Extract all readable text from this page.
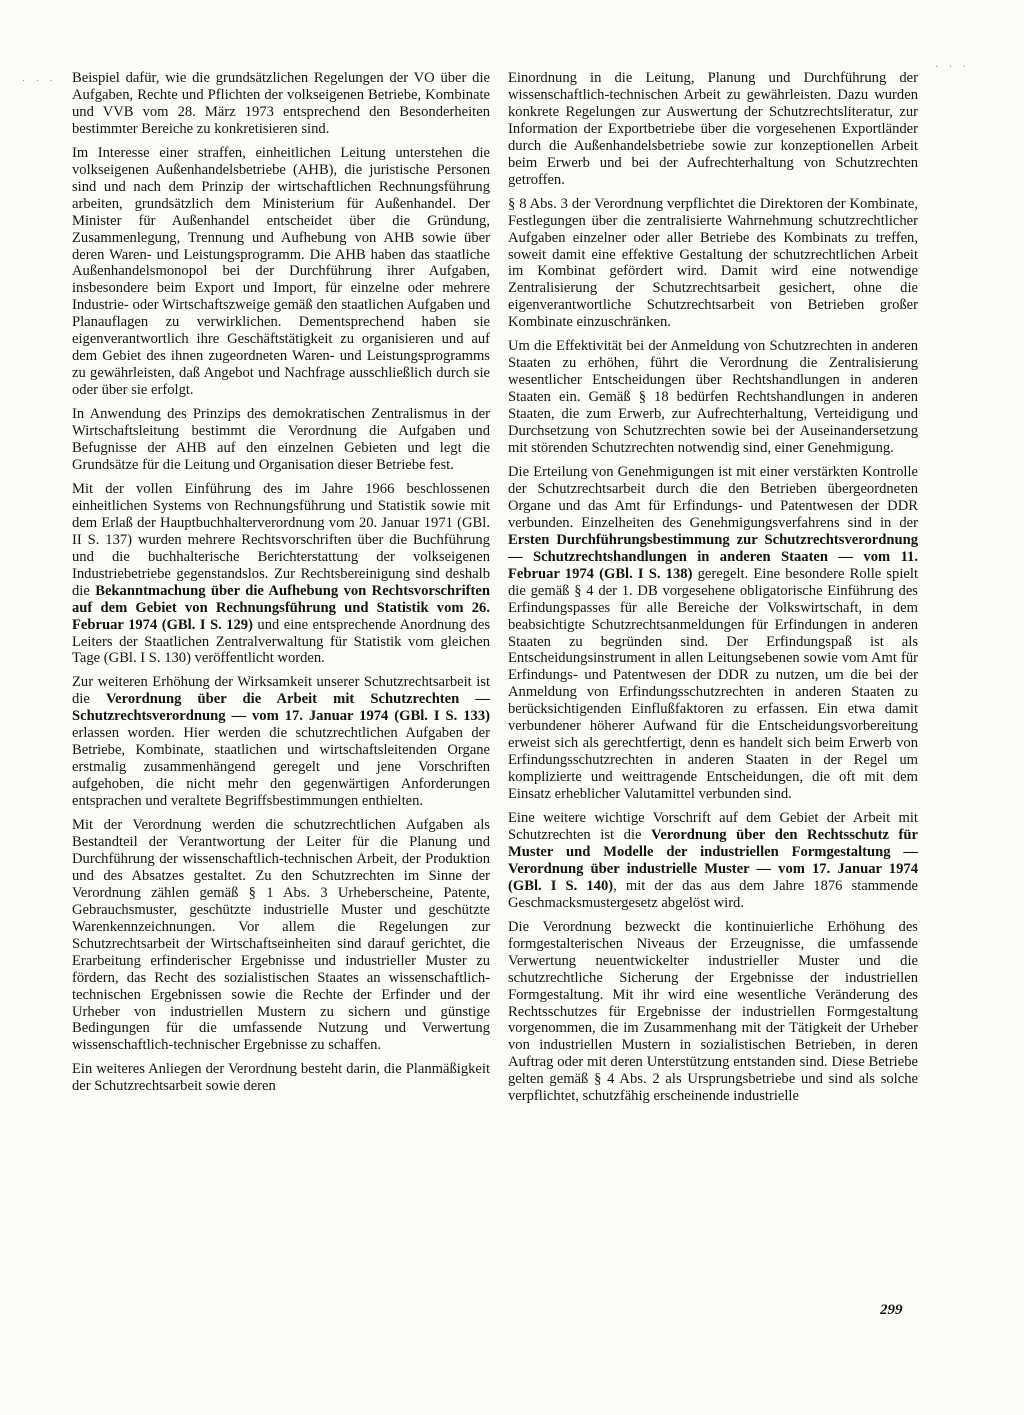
· · ·
· · ·

Beispiel dafür, wie die grundsätzlichen Regelungen der VO über die Aufgaben, Rechte und Pflichten der volkseigenen Betriebe, Kombinate und VVB vom 28. März 1973 entsprechend den Besonderheiten bestimmter Bereiche zu konkretisieren sind.

Im Interesse einer straffen, einheitlichen Leitung unterstehen die volkseigenen Außenhandelsbetriebe (AHB), die juristische Personen sind und nach dem Prinzip der wirtschaftlichen Rechnungsführung arbeiten, grundsätzlich dem Ministerium für Außenhandel. Der Minister für Außenhandel entscheidet über die Gründung, Zusammenlegung, Trennung und Aufhebung von AHB sowie über deren Waren- und Leistungsprogramm. Die AHB haben das staatliche Außenhandelsmonopol bei der Durchführung ihrer Aufgaben, insbesondere beim Export und Import, für einzelne oder mehrere Industrie- oder Wirtschaftszweige gemäß den staatlichen Aufgaben und Planauflagen zu verwirklichen. Dementsprechend haben sie eigenverantwortlich ihre Geschäftstätigkeit zu organisieren und auf dem Gebiet des ihnen zugeordneten Waren- und Leistungsprogramms zu gewährleisten, daß Angebot und Nachfrage ausschließlich durch sie oder über sie erfolgt.

In Anwendung des Prinzips des demokratischen Zentralismus in der Wirtschaftsleitung bestimmt die Verordnung die Aufgaben und Befugnisse der AHB auf den einzelnen Gebieten und legt die Grundsätze für die Leitung und Organisation dieser Betriebe fest.

Mit der vollen Einführung des im Jahre 1966 beschlossenen einheitlichen Systems von Rechnungsführung und Statistik sowie mit dem Erlaß der Hauptbuchhalterverordnung vom 20. Januar 1971 (GBl. II S. 137) wurden mehrere Rechtsvorschriften über die Buchführung und die buchhalterische Berichterstattung der volkseigenen Industriebetriebe gegenstandslos. Zur Rechtsbereinigung sind deshalb die Bekanntmachung über die Aufhebung von Rechtsvorschriften auf dem Gebiet von Rechnungsführung und Statistik vom 26. Februar 1974 (GBl. I S. 129) und eine entsprechende Anordnung des Leiters der Staatlichen Zentralverwaltung für Statistik vom gleichen Tage (GBl. I S. 130) veröffentlicht worden.

Zur weiteren Erhöhung der Wirksamkeit unserer Schutzrechtsarbeit ist die Verordnung über die Arbeit mit Schutzrechten — Schutzrechtsverordnung — vom 17. Januar 1974 (GBl. I S. 133) erlassen worden. Hier werden die schutzrechtlichen Aufgaben der Betriebe, Kombinate, staatlichen und wirtschaftsleitenden Organe erstmalig zusammenhängend geregelt und jene Vorschriften aufgehoben, die nicht mehr den gegenwärtigen Anforderungen entsprachen und veraltete Begriffsbestimmungen enthielten.

Mit der Verordnung werden die schutzrechtlichen Aufgaben als Bestandteil der Verantwortung der Leiter für die Planung und Durchführung der wissenschaftlich-technischen Arbeit, der Produktion und des Absatzes gestaltet. Zu den Schutzrechten im Sinne der Verordnung zählen gemäß § 1 Abs. 3 Urheberscheine, Patente, Gebrauchsmuster, geschützte industrielle Muster und geschützte Warenkennzeichnungen. Vor allem die Regelungen zur Schutzrechtsarbeit der Wirtschaftseinheiten sind darauf gerichtet, die Erarbeitung erfinderischer Ergebnisse und industrieller Muster zu fördern, das Recht des sozialistischen Staates an wissenschaftlich-technischen Ergebnissen sowie die Rechte der Erfinder und der Urheber von industriellen Mustern zu sichern und günstige Bedingungen für die umfassende Nutzung und Verwertung wissenschaftlich-technischer Ergebnisse zu schaffen.

Ein weiteres Anliegen der Verordnung besteht darin, die Planmäßigkeit der Schutzrechtsarbeit sowie deren

Einordnung in die Leitung, Planung und Durchführung der wissenschaftlich-technischen Arbeit zu gewährleisten. Dazu wurden konkrete Regelungen zur Auswertung der Schutzrechtsliteratur, zur Information der Exportbetriebe über die vorgesehenen Exportländer durch die Außenhandelsbetriebe sowie zur konzeptionellen Arbeit beim Erwerb und bei der Aufrechterhaltung von Schutzrechten getroffen.

§ 8 Abs. 3 der Verordnung verpflichtet die Direktoren der Kombinate, Festlegungen über die zentralisierte Wahrnehmung schutzrechtlicher Aufgaben einzelner oder aller Betriebe des Kombinats zu treffen, soweit damit eine effektive Gestaltung der schutzrechtlichen Arbeit im Kombinat gefördert wird. Damit wird eine notwendige Zentralisierung der Schutzrechtsarbeit gesichert, ohne die eigenverantwortliche Schutzrechtsarbeit von Betrieben großer Kombinate einzuschränken.

Um die Effektivität bei der Anmeldung von Schutzrechten in anderen Staaten zu erhöhen, führt die Verordnung die Zentralisierung wesentlicher Entscheidungen über Rechtshandlungen in anderen Staaten ein. Gemäß § 18 bedürfen Rechtshandlungen in anderen Staaten, die zum Erwerb, zur Aufrechterhaltung, Verteidigung und Durchsetzung von Schutzrechten sowie bei der Auseinandersetzung mit störenden Schutzrechten notwendig sind, einer Genehmigung.

Die Erteilung von Genehmigungen ist mit einer verstärkten Kontrolle der Schutzrechtsarbeit durch die den Betrieben übergeordneten Organe und das Amt für Erfindungs- und Patentwesen der DDR verbunden. Einzelheiten des Genehmigungsverfahrens sind in der Ersten Durchführungsbestimmung zur Schutzrechtsverordnung — Schutzrechtshandlungen in anderen Staaten — vom 11. Februar 1974 (GBl. I S. 138) geregelt. Eine besondere Rolle spielt die gemäß § 4 der 1. DB vorgesehene obligatorische Einführung des Erfindungspasses für alle Bereiche der Volkswirtschaft, in dem beabsichtigte Schutzrechtsanmeldungen für Erfindungen in anderen Staaten zu begründen sind. Der Erfindungspaß ist als Entscheidungsinstrument in allen Leitungsebenen sowie vom Amt für Erfindungs- und Patentwesen der DDR zu nutzen, um die bei der Anmeldung von Erfindungsschutzrechten in anderen Staaten zu berücksichtigenden Einflußfaktoren zu erfassen. Ein etwa damit verbundener höherer Aufwand für die Entscheidungsvorbereitung erweist sich als gerechtfertigt, denn es handelt sich beim Erwerb von Erfindungsschutzrechten in anderen Staaten in der Regel um komplizierte und weittragende Entscheidungen, die oft mit dem Einsatz erheblicher Valutamittel verbunden sind.

Eine weitere wichtige Vorschrift auf dem Gebiet der Arbeit mit Schutzrechten ist die Verordnung über den Rechtsschutz für Muster und Modelle der industriellen Formgestaltung — Verordnung über industrielle Muster — vom 17. Januar 1974 (GBl. I S. 140), mit der das aus dem Jahre 1876 stammende Geschmacksmustergesetz abgelöst wird.

Die Verordnung bezweckt die kontinuierliche Erhöhung des formgestalterischen Niveaus der Erzeugnisse, die umfassende Verwertung neuentwickelter industrieller Muster und die schutzrechtliche Sicherung der Ergebnisse der industriellen Formgestaltung. Mit ihr wird eine wesentliche Veränderung des Rechtsschutzes für Ergebnisse der industriellen Formgestaltung vorgenommen, die im Zusammenhang mit der Tätigkeit der Urheber von industriellen Mustern in sozialistischen Betrieben, in deren Auftrag oder mit deren Unterstützung entstanden sind. Diese Betriebe gelten gemäß § 4 Abs. 2 als Ursprungsbetriebe und sind als solche verpflichtet, schutzfähig erscheinende industrielle

299
